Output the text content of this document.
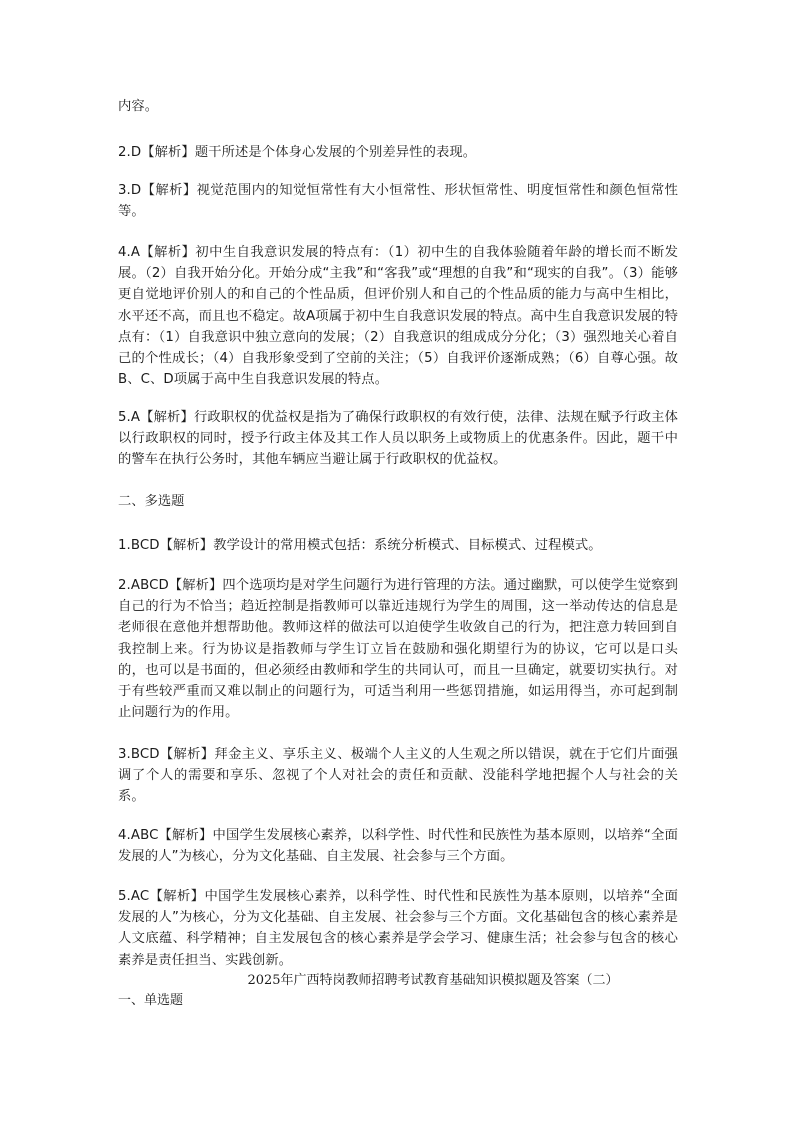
内容。

2.D【解析】题干所述是个体身心发展的个别差异性的表现。

3.D【解析】视觉范围内的知觉恒常性有大小恒常性、形状恒常性、明度恒常性和颜色恒常性等。

4.A【解析】初中生自我意识发展的特点有：（1）初中生的自我体验随着年龄的增长而不断发展。（2）自我开始分化。开始分成“主我”和“客我”或“理想的自我”和“现实的自我”。（3）能够更自觉地评价别人的和自己的个性品质，但评价别人和自己的个性品质的能力与高中生相比，水平还不高，而且也不稳定。故A项属于初中生自我意识发展的特点。高中生自我意识发展的特点有：（1）自我意识中独立意向的发展；（2）自我意识的组成成分分化；（3）强烈地关心着自己的个性成长；（4）自我形象受到了空前的关注；（5）自我评价逐渐成熟；（6）自尊心强。故B、C、D项属于高中生自我意识发展的特点。

5.A【解析】行政职权的优益权是指为了确保行政职权的有效行使，法律、法规在赋予行政主体以行政职权的同时，授予行政主体及其工作人员以职务上或物质上的优惠条件。因此，题干中的警车在执行公务时，其他车辆应当避让属于行政职权的优益权。

二、多选题

1.BCD【解析】教学设计的常用模式包括：系统分析模式、目标模式、过程模式。

2.ABCD【解析】四个选项均是对学生问题行为进行管理的方法。通过幽默，可以使学生觉察到自己的行为不恰当；趋近控制是指教师可以靠近违规行为学生的周围，这一举动传达的信息是老师很在意他并想帮助他。教师这样的做法可以迫使学生收敛自己的行为，把注意力转回到自我控制上来。行为协议是指教师与学生订立旨在鼓励和强化期望行为的协议，它可以是口头的，也可以是书面的，但必须经由教师和学生的共同认可，而且一旦确定，就要切实执行。对于有些较严重而又难以制止的问题行为，可适当利用一些惩罚措施，如运用得当，亦可起到制止问题行为的作用。

3.BCD【解析】拜金主义、享乐主义、极端个人主义的人生观之所以错误，就在于它们片面强调了个人的需要和享乐、忽视了个人对社会的责任和贡献、没能科学地把握个人与社会的关系。

4.ABC【解析】中国学生发展核心素养，以科学性、时代性和民族性为基本原则，以培养“全面发展的人”为核心，分为文化基础、自主发展、社会参与三个方面。

5.AC【解析】中国学生发展核心素养，以科学性、时代性和民族性为基本原则，以培养“全面发展的人”为核心，分为文化基础、自主发展、社会参与三个方面。文化基础包含的核心素养是人文底蕴、科学精神；自主发展包含的核心素养是学会学习、健康生活；社会参与包含的核心素养是责任担当、实践创新。

2025年广西特岗教师招聘考试教育基础知识模拟题及答案（二）

一、单选题
